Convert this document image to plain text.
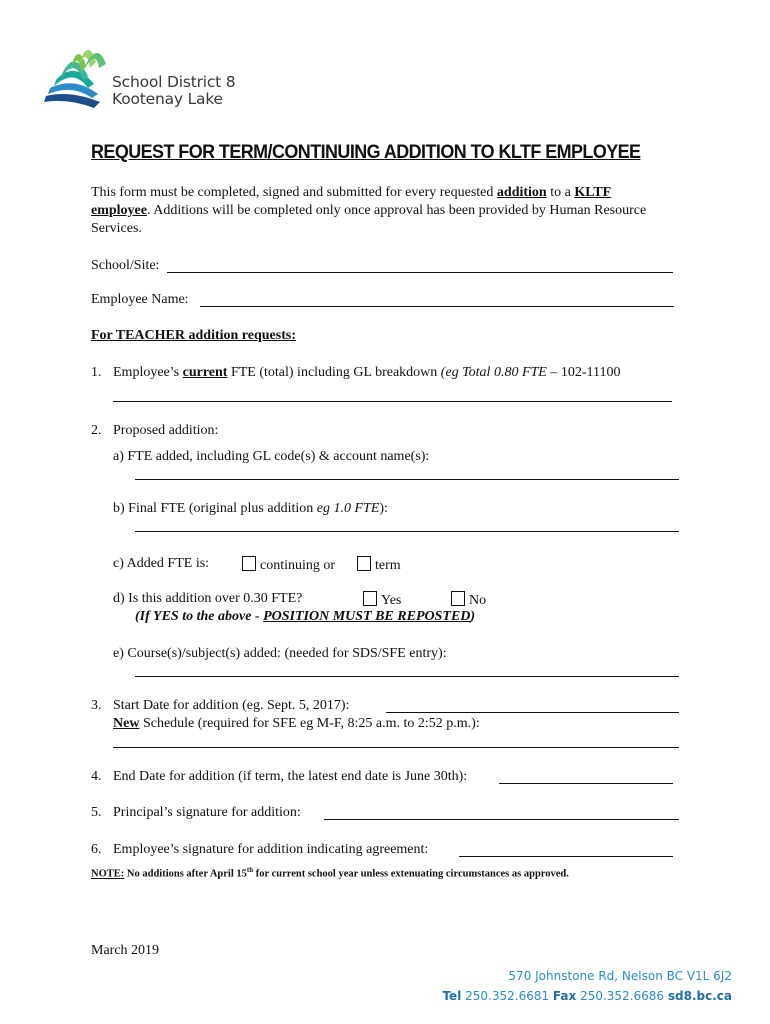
School District 8
Kootenay Lake
REQUEST FOR TERM/CONTINUING ADDITION TO KLTF EMPLOYEE
This form must be completed, signed and submitted for every requested addition to a KLTF employee. Additions will be completed only once approval has been provided by Human Resource Services.
School/Site:
Employee Name:
For TEACHER addition requests:
1. Employee’s current FTE (total) including GL breakdown (eg Total 0.80 FTE – 102-11100
2. Proposed addition:
a) FTE added, including GL code(s) & account name(s):
b) Final FTE (original plus addition eg 1.0 FTE):
c) Added FTE is:	continuing or	term
d) Is this addition over 0.30 FTE?	Yes	No
(If YES to the above - POSITION MUST BE REPOSTED)
e) Course(s)/subject(s) added: (needed for SDS/SFE entry):
3. Start Date for addition (eg. Sept. 5, 2017):
New Schedule (required for SFE eg M-F, 8:25 a.m. to 2:52 p.m.):
4. End Date for addition (if term, the latest end date is June 30th):
5. Principal’s signature for addition:
6. Employee’s signature for addition indicating agreement:
NOTE: No additions after April 15th for current school year unless extenuating circumstances as approved.
March 2019
570 Johnstone Rd, Nelson BC V1L 6J2
Tel 250.352.6681 Fax 250.352.6686 sd8.bc.ca
